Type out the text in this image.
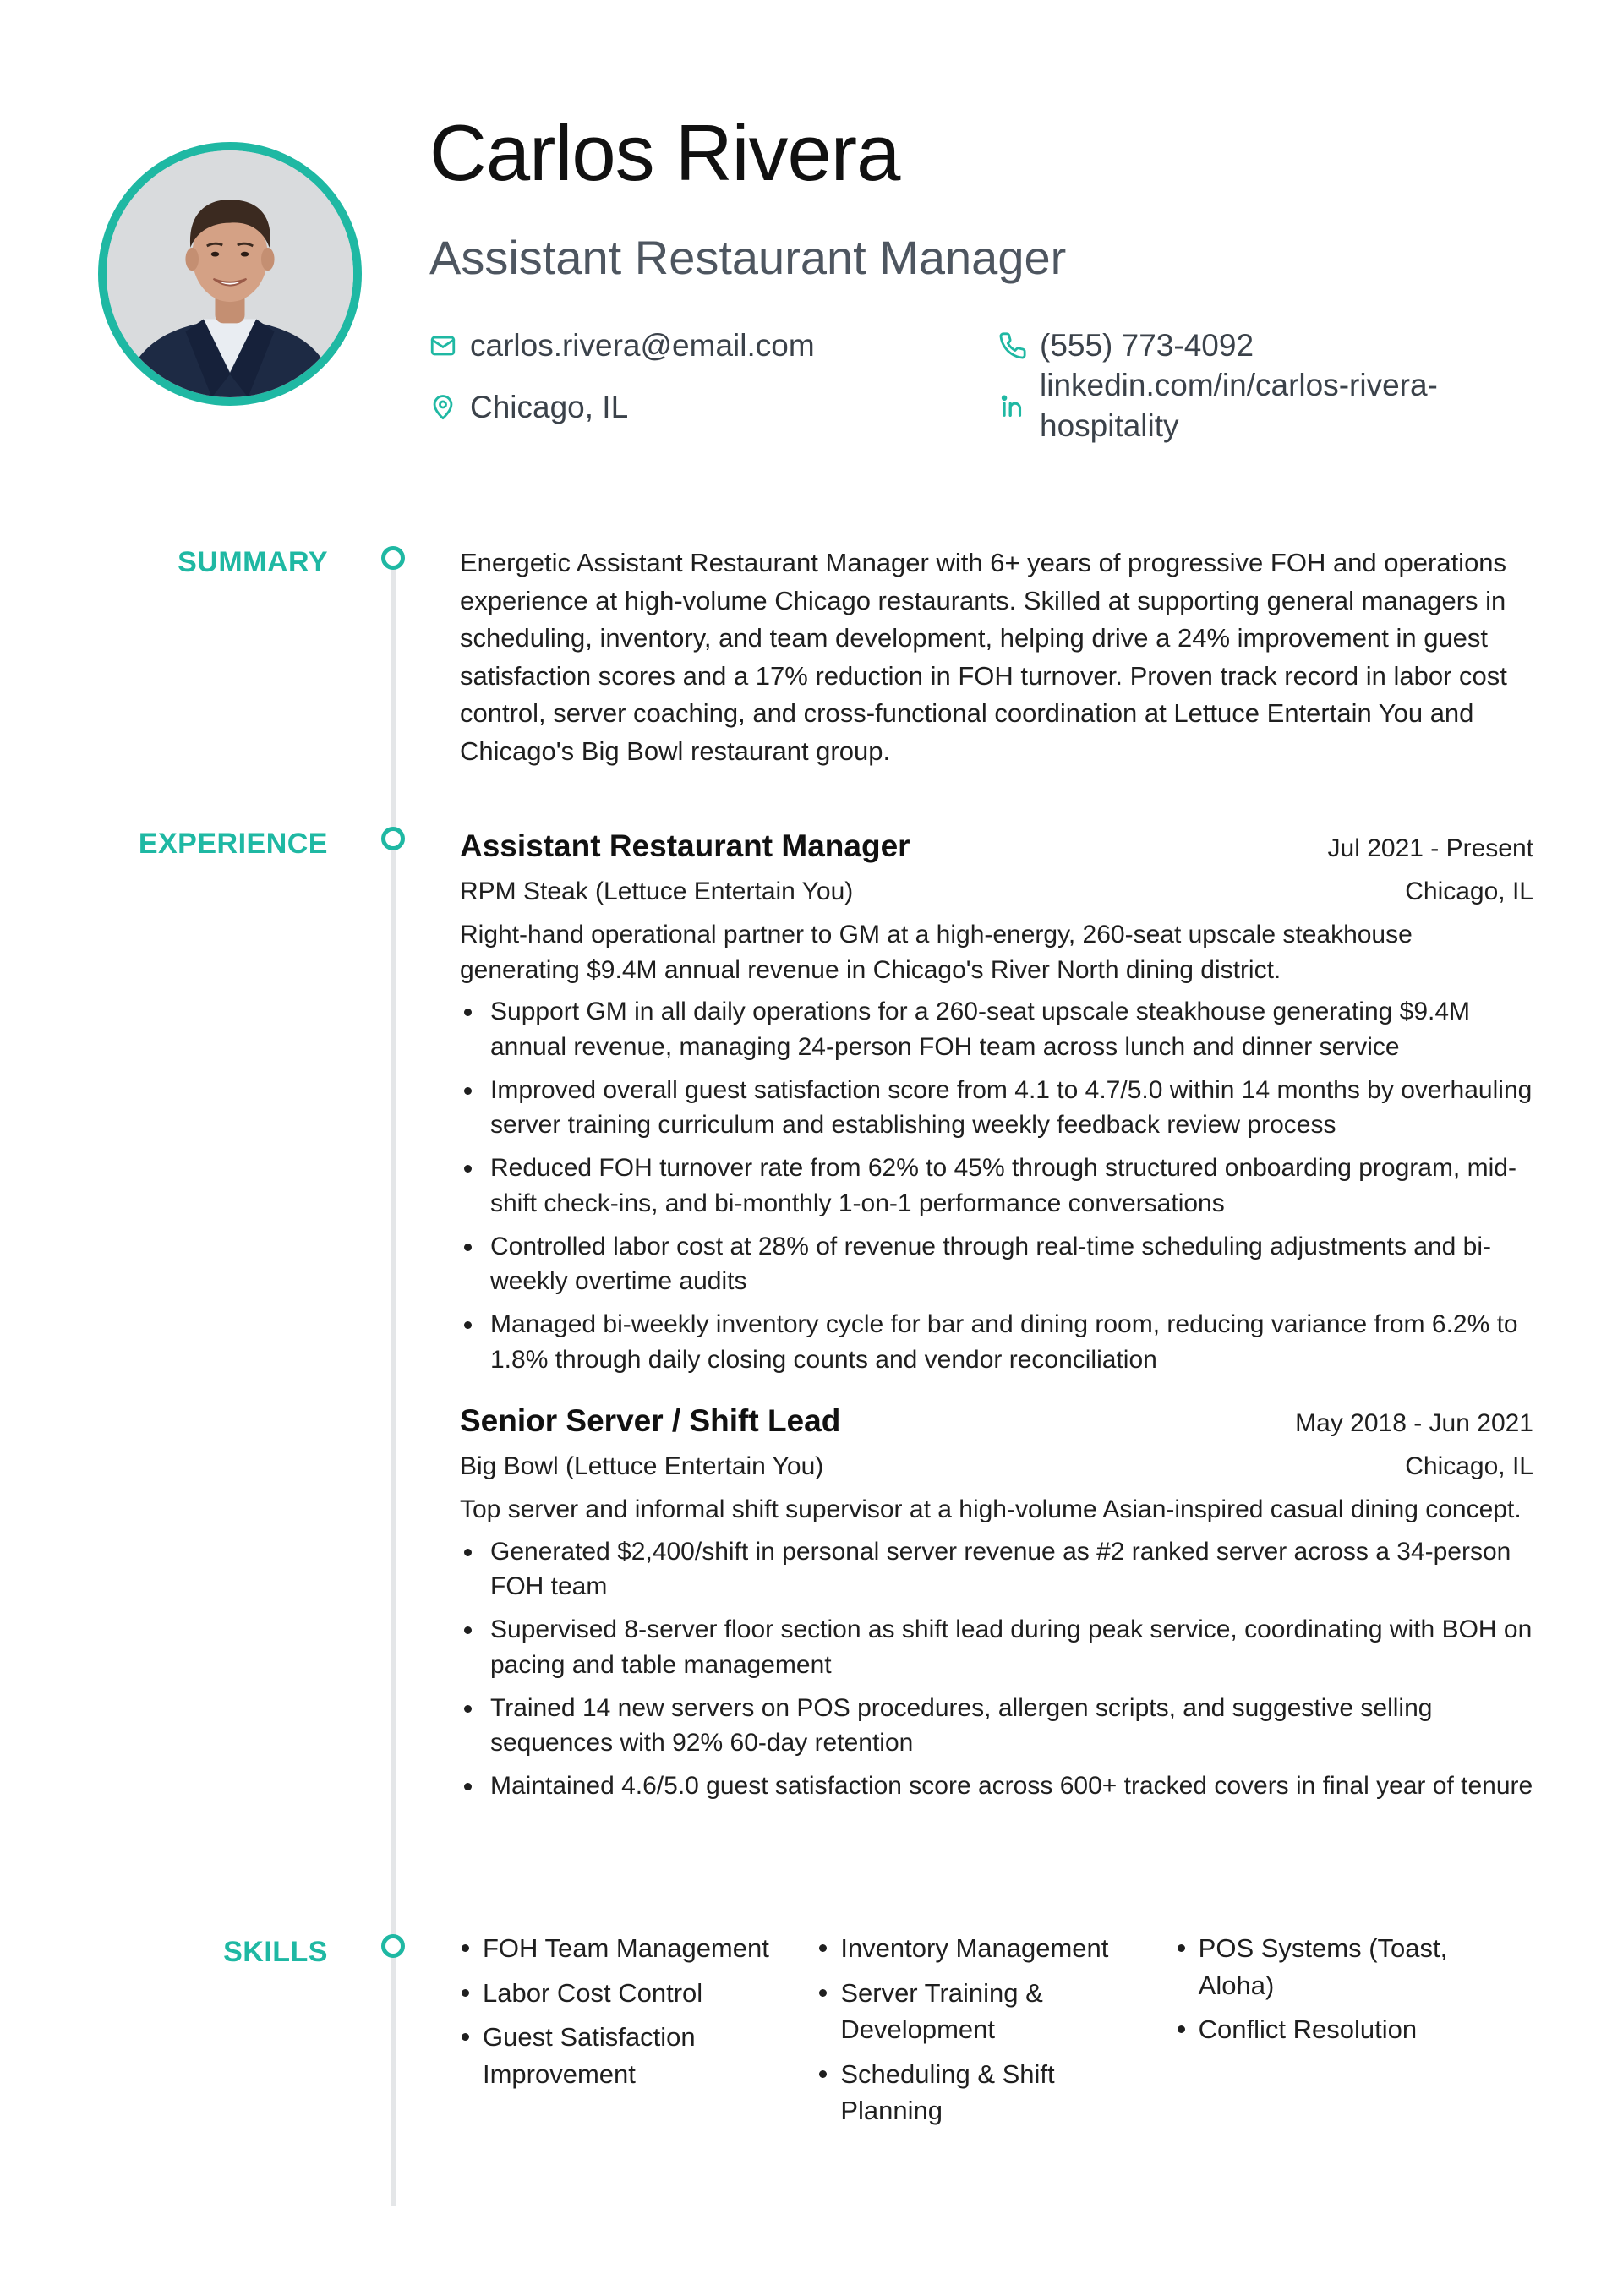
Carlos Rivera
Assistant Restaurant Manager
carlos.rivera@email.com
Chicago, IL
(555) 773-4092
linkedin.com/in/carlos-rivera-
hospitality
SUMMARY
EXPERIENCE
SKILLS
Energetic Assistant Restaurant Manager with 6+ years of progressive FOH and operations experience at high-volume Chicago restaurants. Skilled at supporting general managers in scheduling, inventory, and team development, helping drive a 24% improvement in guest satisfaction scores and a 17% reduction in FOH turnover. Proven track record in labor cost control, server coaching, and cross-functional coordination at Lettuce Entertain You and Chicago's Big Bowl restaurant group.
Assistant Restaurant Manager	Jul 2021 - Present
RPM Steak (Lettuce Entertain You)	Chicago, IL
Right-hand operational partner to GM at a high-energy, 260-seat upscale steakhouse generating $9.4M annual revenue in Chicago's River North dining district.
Support GM in all daily operations for a 260-seat upscale steakhouse generating $9.4M annual revenue, managing 24-person FOH team across lunch and dinner service
Improved overall guest satisfaction score from 4.1 to 4.7/5.0 within 14 months by overhauling server training curriculum and establishing weekly feedback review process
Reduced FOH turnover rate from 62% to 45% through structured onboarding program, mid-shift check-ins, and bi-monthly 1-on-1 performance conversations
Controlled labor cost at 28% of revenue through real-time scheduling adjustments and bi-weekly overtime audits
Managed bi-weekly inventory cycle for bar and dining room, reducing variance from 6.2% to 1.8% through daily closing counts and vendor reconciliation
Senior Server / Shift Lead	May 2018 - Jun 2021
Big Bowl (Lettuce Entertain You)	Chicago, IL
Top server and informal shift supervisor at a high-volume Asian-inspired casual dining concept.
Generated $2,400/shift in personal server revenue as #2 ranked server across a 34-person FOH team
Supervised 8-server floor section as shift lead during peak service, coordinating with BOH on pacing and table management
Trained 14 new servers on POS procedures, allergen scripts, and suggestive selling sequences with 92% 60-day retention
Maintained 4.6/5.0 guest satisfaction score across 600+ tracked covers in final year of tenure
FOH Team Management
Labor Cost Control
Guest Satisfaction Improvement
Inventory Management
Server Training & Development
Scheduling & Shift Planning
POS Systems (Toast, Aloha)
Conflict Resolution
